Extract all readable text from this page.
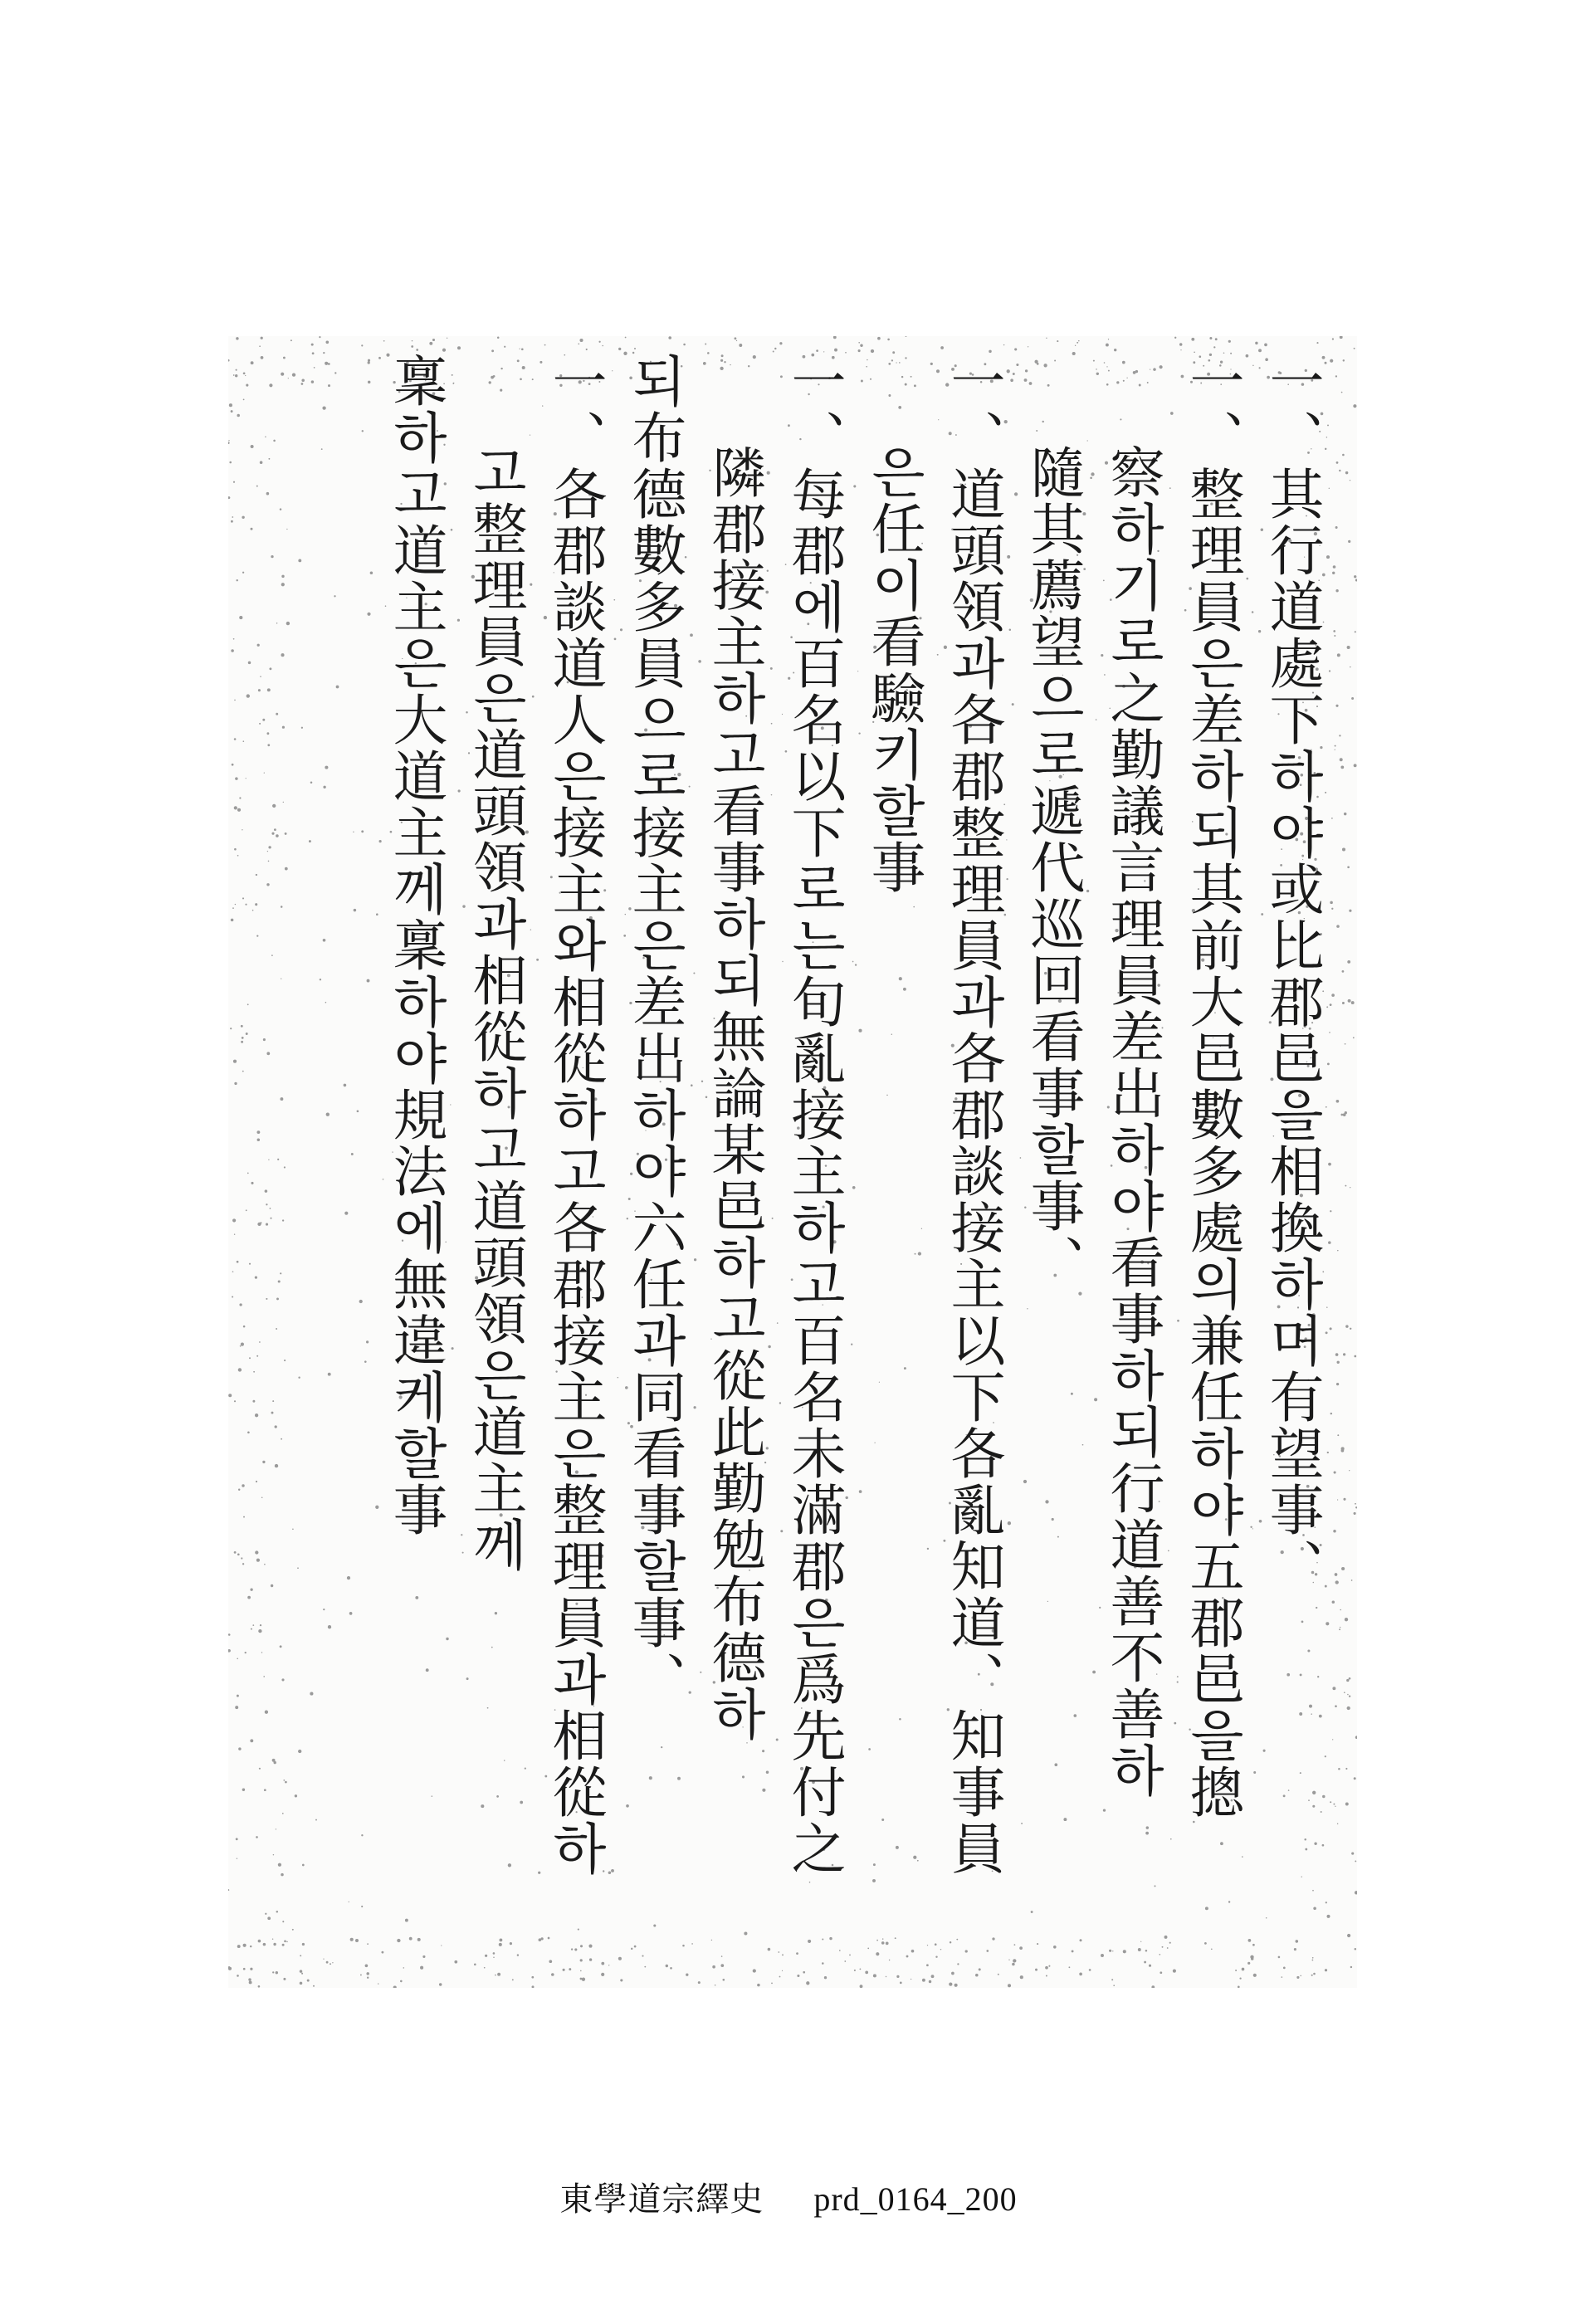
一、其行道處下하야或比郡邑을相換하며有望事、
一、整理員은差하되其前大邑數多處의兼任하야五郡邑을摠
察하기로之勤議言理員差出하야看事하되行道善不善하
隨其薦望으로遞代巡回看事할事、
一、道頭領과各郡整理員과各郡談接主以下各亂知道、知事員
은任이看驗키할事
一、每郡에百名以下로는旬亂接主하고百名未滿郡은爲先付之
隣郡接主하고看事하되無論某邑하고從此勤勉布德하
되布德數多員으로接主은差出하야六任과同看事할事、
一、各郡談道人은接主와相從하고各郡接主은整理員과相從하
고整理員은道頭領과相從하고道頭領은道主께
稟하고道主은大道主께稟하야規法에無違케할事
東學道宗繹史 prd_0164_200
